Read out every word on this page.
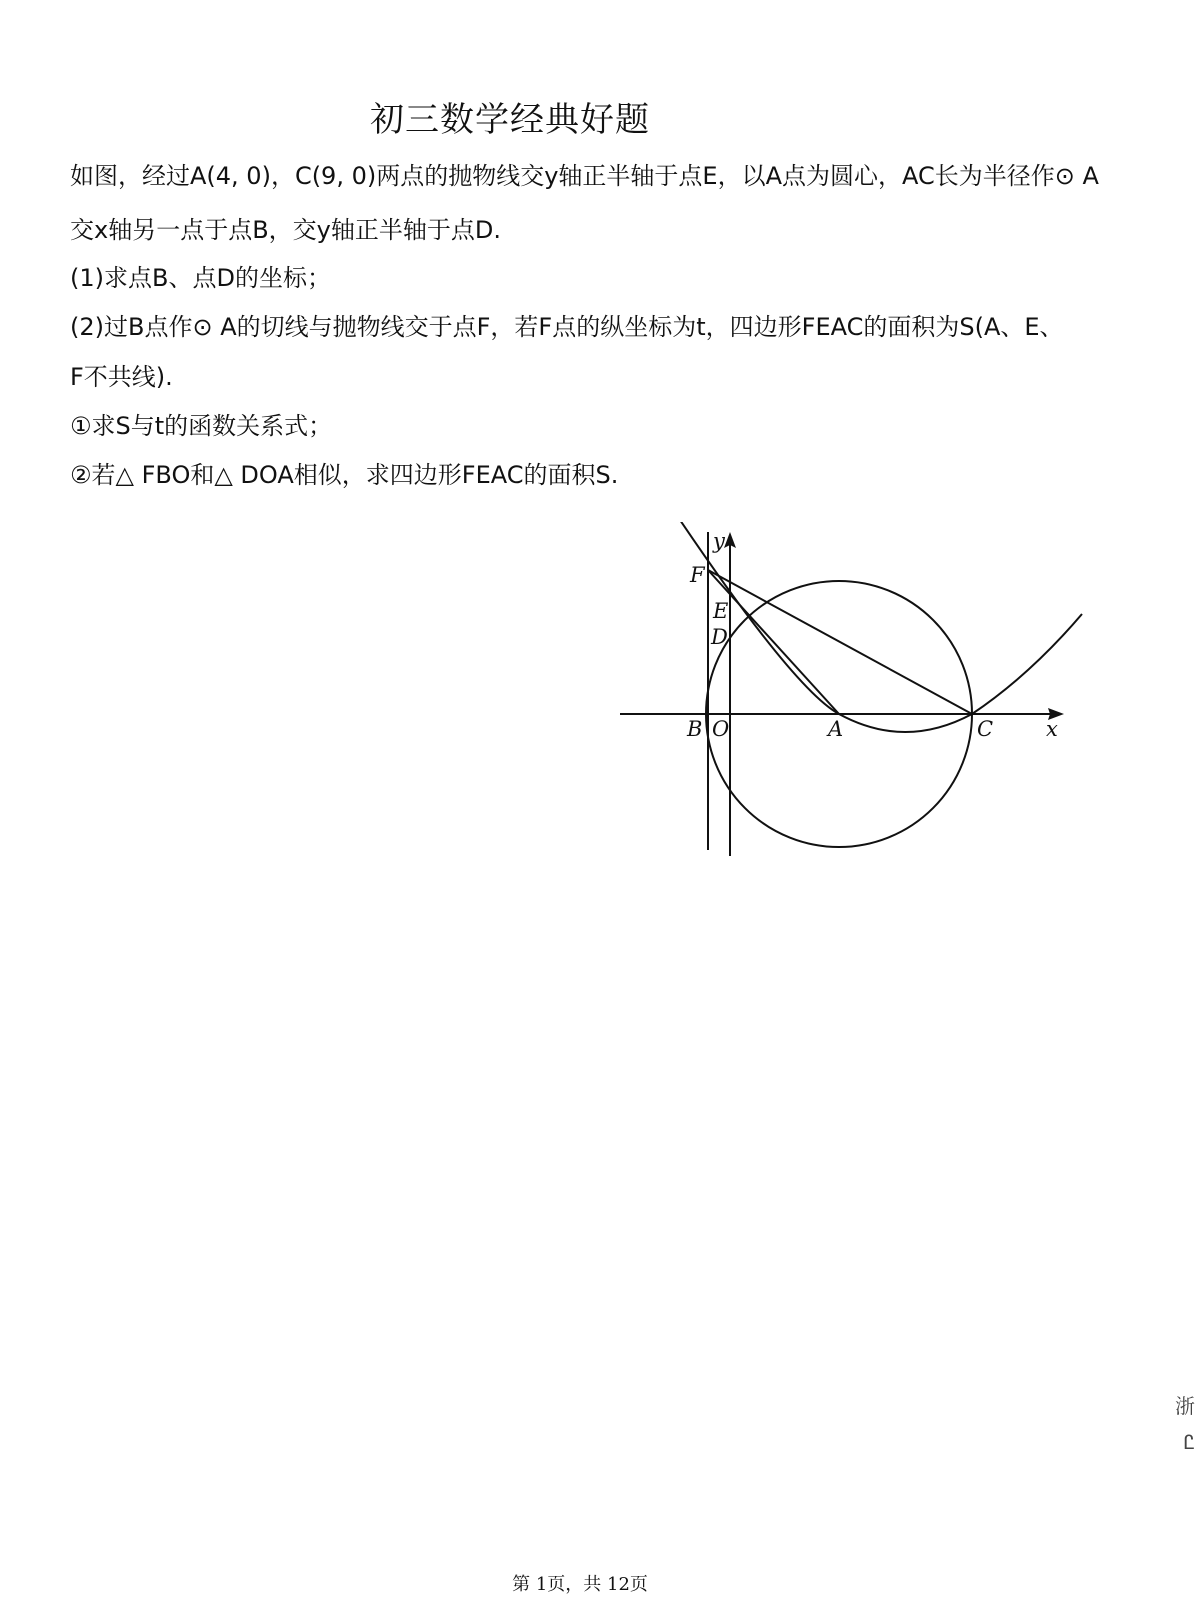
初三数学经典好题
如图，经过A(4, 0)，C(9, 0)两点的抛物线交y轴正半轴于点E，以A点为圆心，AC长为半径作⊙ A
交x轴另一点于点B，交y轴正半轴于点D.
(1)求点B、点D的坐标；
(2)过B点作⊙ A的切线与抛物线交于点F，若F点的纵坐标为t，四边形FEAC的面积为S(A、E、
F不共线).
①求S与t的函数关系式；
②若△ FBO和△ DOA相似，求四边形FEAC的面积S.
y
F
E
D
B O	A	C	x
浙
Ꮭ
第 1页，共 12页
